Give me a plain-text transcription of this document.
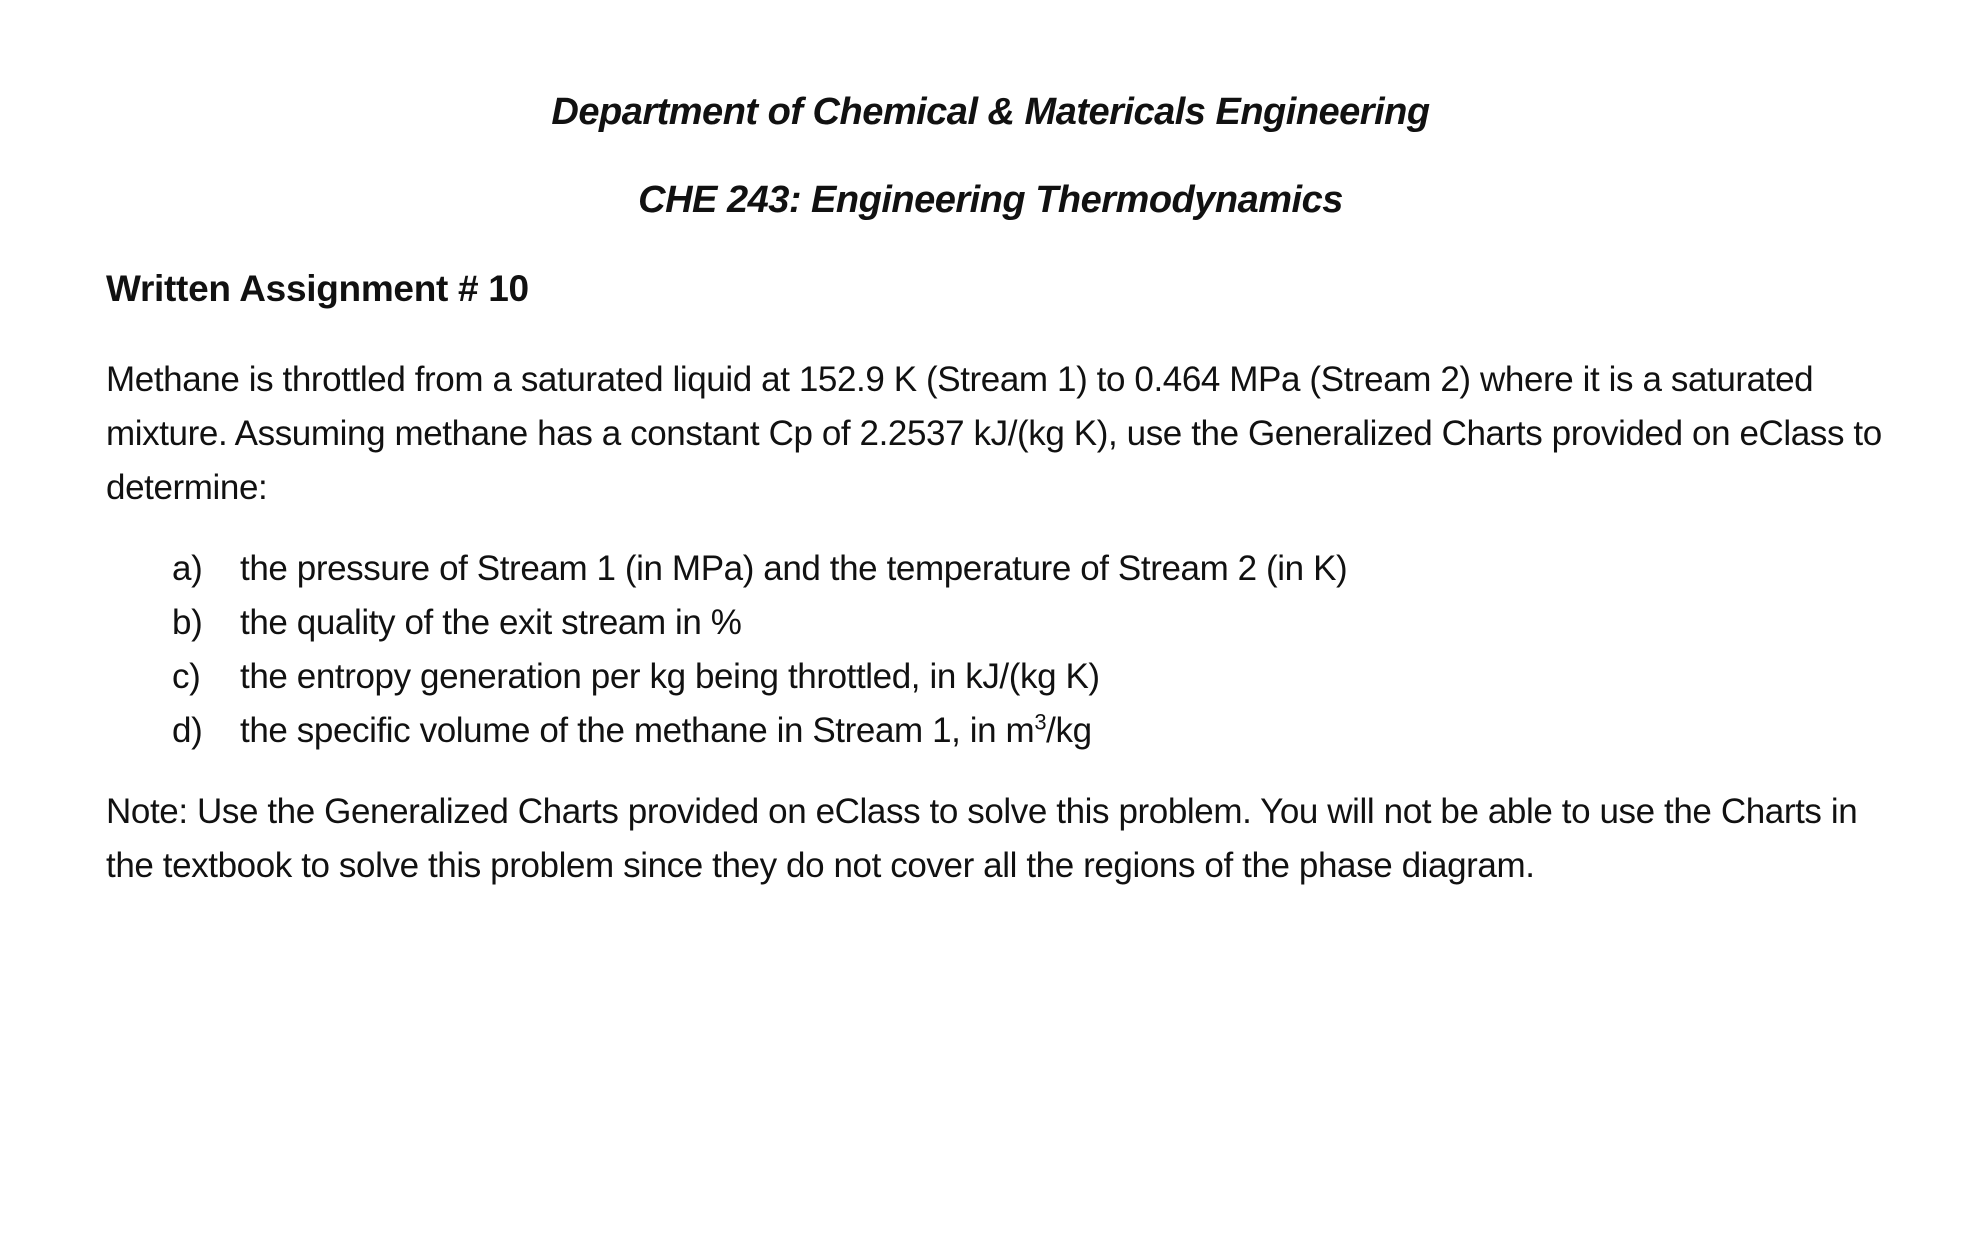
Department of Chemical & Matericals Engineering
CHE 243: Engineering Thermodynamics
Written Assignment # 10
Methane is throttled from a saturated liquid at 152.9 K (Stream 1) to 0.464 MPa (Stream 2) where it is a saturated mixture. Assuming methane has a constant Cp of 2.2537 kJ/(kg K), use the Generalized Charts provided on eClass to determine:
a)	the pressure of Stream 1 (in MPa) and the temperature of Stream 2 (in K)
b)	the quality of the exit stream in %
c)	the entropy generation per kg being throttled, in kJ/(kg K)
d)	the specific volume of the methane in Stream 1, in $m^3/kg$
Note: Use the Generalized Charts provided on eClass to solve this problem. You will not be able to use the Charts in the textbook to solve this problem since they do not cover all the regions of the phase diagram.
